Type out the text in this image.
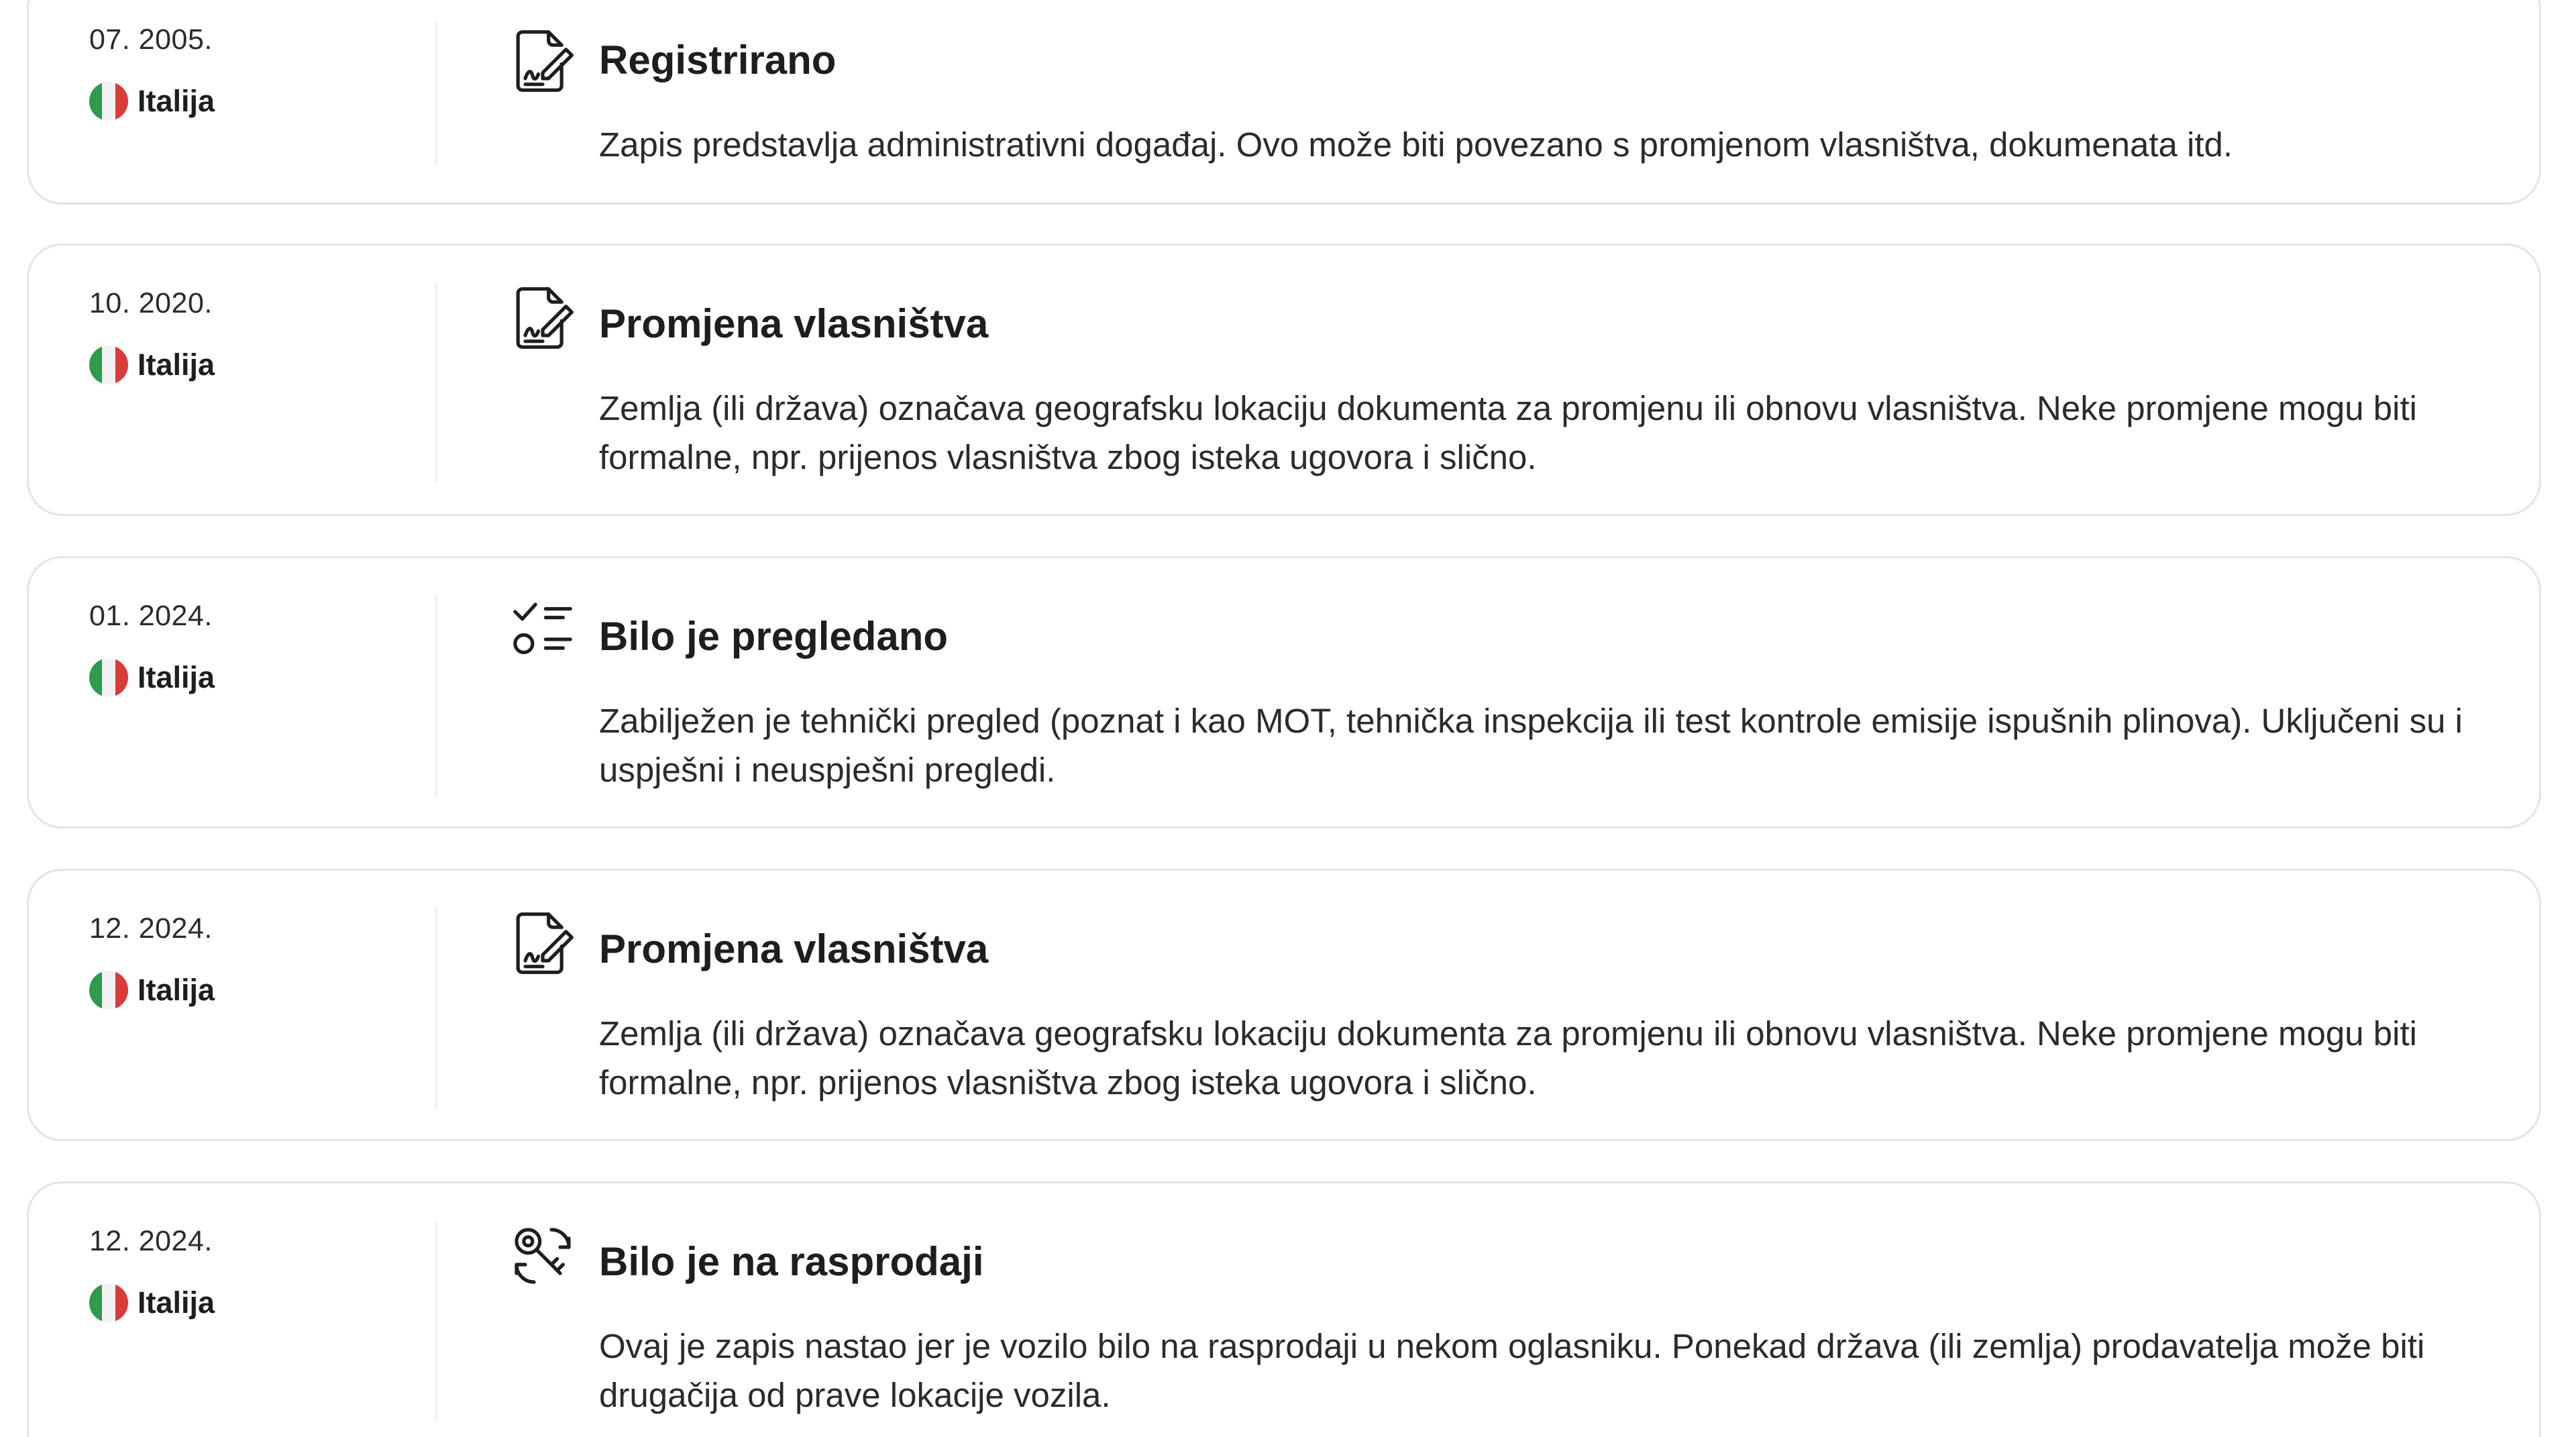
07. 2005.
Italija
Registrirano
Zapis predstavlja administrativni događaj. Ovo može biti povezano s promjenom vlasništva, dokumenata itd.
10. 2020.
Italija
Promjena vlasništva
Zemlja (ili država) označava geografsku lokaciju dokumenta za promjenu ili obnovu vlasništva. Neke promjene mogu biti formalne, npr. prijenos vlasništva zbog isteka ugovora i slično.
01. 2024.
Italija
Bilo je pregledano
Zabilježen je tehnički pregled (poznat i kao MOT, tehnička inspekcija ili test kontrole emisije ispušnih plinova). Uključeni su i uspješni i neuspješni pregledi.
12. 2024.
Italija
Promjena vlasništva
Zemlja (ili država) označava geografsku lokaciju dokumenta za promjenu ili obnovu vlasništva. Neke promjene mogu biti formalne, npr. prijenos vlasništva zbog isteka ugovora i slično.
12. 2024.
Italija
Bilo je na rasprodaji
Ovaj je zapis nastao jer je vozilo bilo na rasprodaji u nekom oglasniku. Ponekad država (ili zemlja) prodavatelja može biti drugačija od prave lokacije vozila.
